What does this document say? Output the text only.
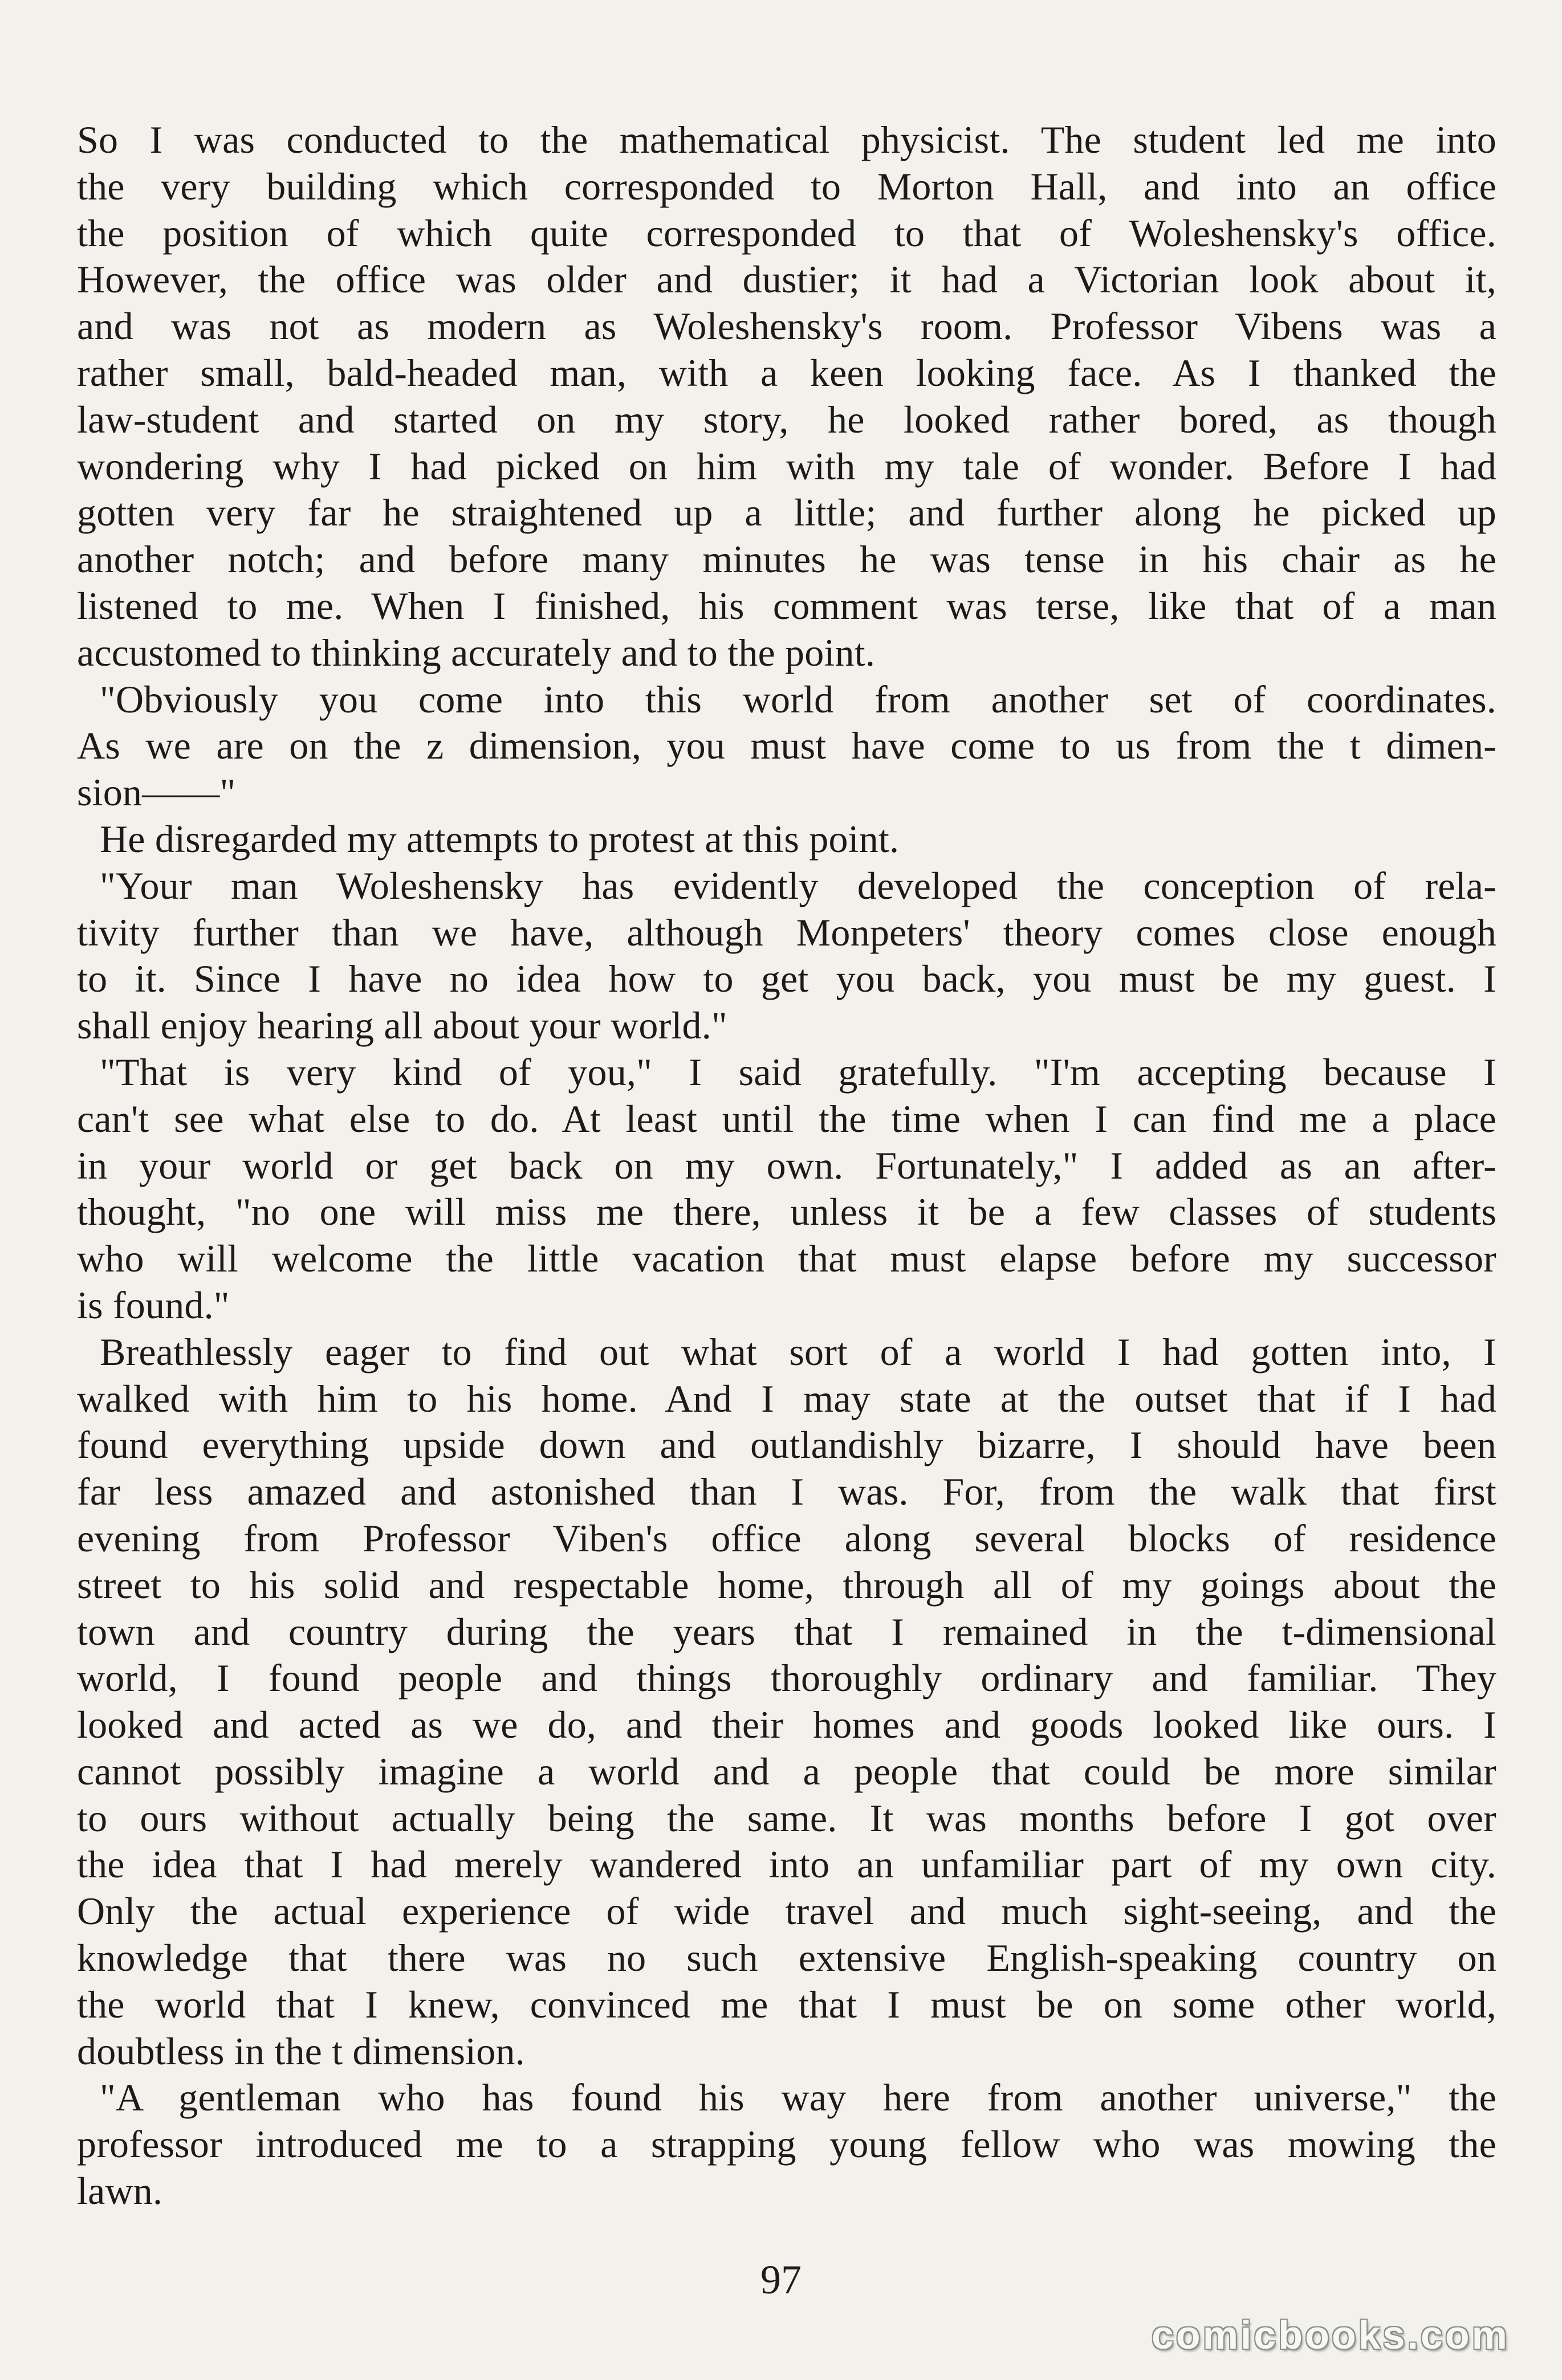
So I was conducted to the mathematical physicist. The student led me into
the very building which corresponded to Morton Hall, and into an office
the position of which quite corresponded to that of Woleshensky's office.
However, the office was older and dustier; it had a Victorian look about it,
and was not as modern as Woleshensky's room. Professor Vibens was a
rather small, bald-headed man, with a keen looking face. As I thanked the
law-student and started on my story, he looked rather bored, as though
wondering why I had picked on him with my tale of wonder. Before I had
gotten very far he straightened up a little; and further along he picked up
another notch; and before many minutes he was tense in his chair as he
listened to me. When I finished, his comment was terse, like that of a man
accustomed to thinking accurately and to the point.
"Obviously you come into this world from another set of coordinates.
As we are on the z dimension, you must have come to us from the t dimen-
sion——"
He disregarded my attempts to protest at this point.
"Your man Woleshensky has evidently developed the conception of rela-
tivity further than we have, although Monpeters' theory comes close enough
to it. Since I have no idea how to get you back, you must be my guest. I
shall enjoy hearing all about your world."
"That is very kind of you," I said gratefully. "I'm accepting because I
can't see what else to do. At least until the time when I can find me a place
in your world or get back on my own. Fortunately," I added as an after-
thought, "no one will miss me there, unless it be a few classes of students
who will welcome the little vacation that must elapse before my successor
is found."
Breathlessly eager to find out what sort of a world I had gotten into, I
walked with him to his home. And I may state at the outset that if I had
found everything upside down and outlandishly bizarre, I should have been
far less amazed and astonished than I was. For, from the walk that first
evening from Professor Viben's office along several blocks of residence
street to his solid and respectable home, through all of my goings about the
town and country during the years that I remained in the t-dimensional
world, I found people and things thoroughly ordinary and familiar. They
looked and acted as we do, and their homes and goods looked like ours. I
cannot possibly imagine a world and a people that could be more similar
to ours without actually being the same. It was months before I got over
the idea that I had merely wandered into an unfamiliar part of my own city.
Only the actual experience of wide travel and much sight-seeing, and the
knowledge that there was no such extensive English-speaking country on
the world that I knew, convinced me that I must be on some other world,
doubtless in the t dimension.
"A gentleman who has found his way here from another universe," the
professor introduced me to a strapping young fellow who was mowing the
lawn.
97
comicbooks.com
